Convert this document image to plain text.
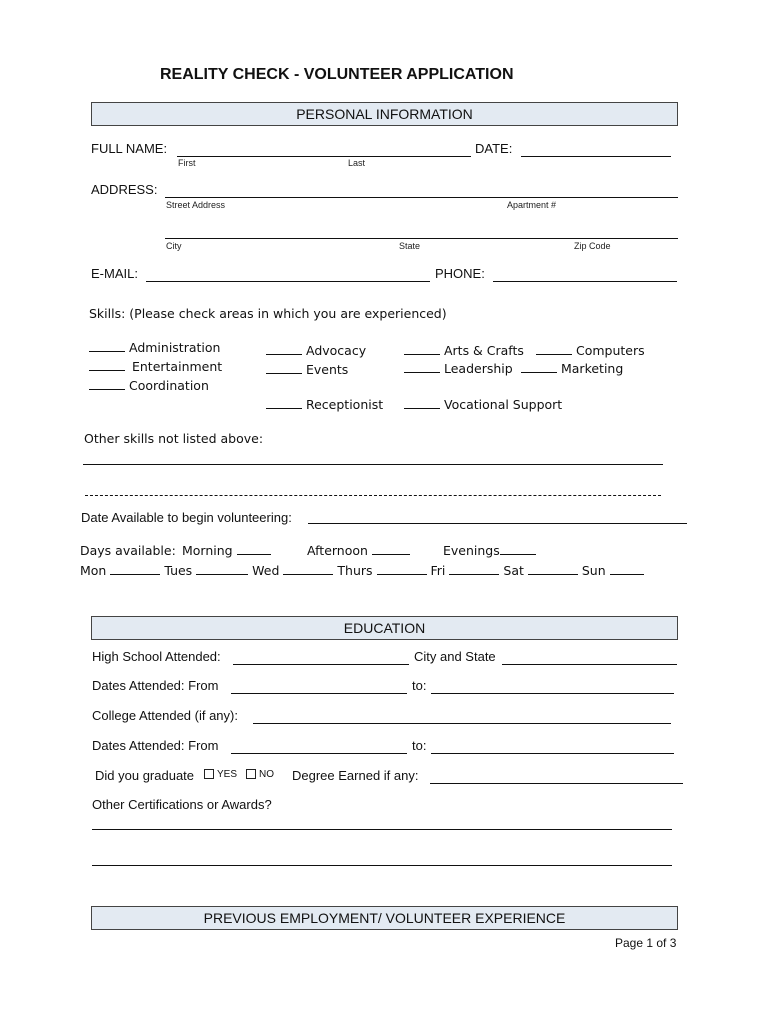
REALITY CHECK - VOLUNTEER APPLICATION
PERSONAL INFORMATION
FULL NAME:
First	Last
DATE:
ADDRESS:
Street Address	Apartment #
City	State	Zip Code
E-MAIL:	PHONE:
Skills: (Please check areas in which you are experienced)
Administration
Entertainment
Coordination
Advocacy
Events
Receptionist
Arts & Crafts
Leadership
Vocational Support
Computers
Marketing
Other skills not listed above:
Date Available to begin volunteering:
Days available: Morning	Afternoon	Evenings
Mon	Tues	Wed	Thurs	Fri	Sat	Sun
EDUCATION
High School Attended:	City and State
Dates Attended: From	to:
College Attended (if any):
Dates Attended: From	to:
Did you graduate	YES	NO Degree Earned if any:
Other Certifications or Awards?
PREVIOUS EMPLOYMENT/ VOLUNTEER EXPERIENCE
Page 1 of 3
